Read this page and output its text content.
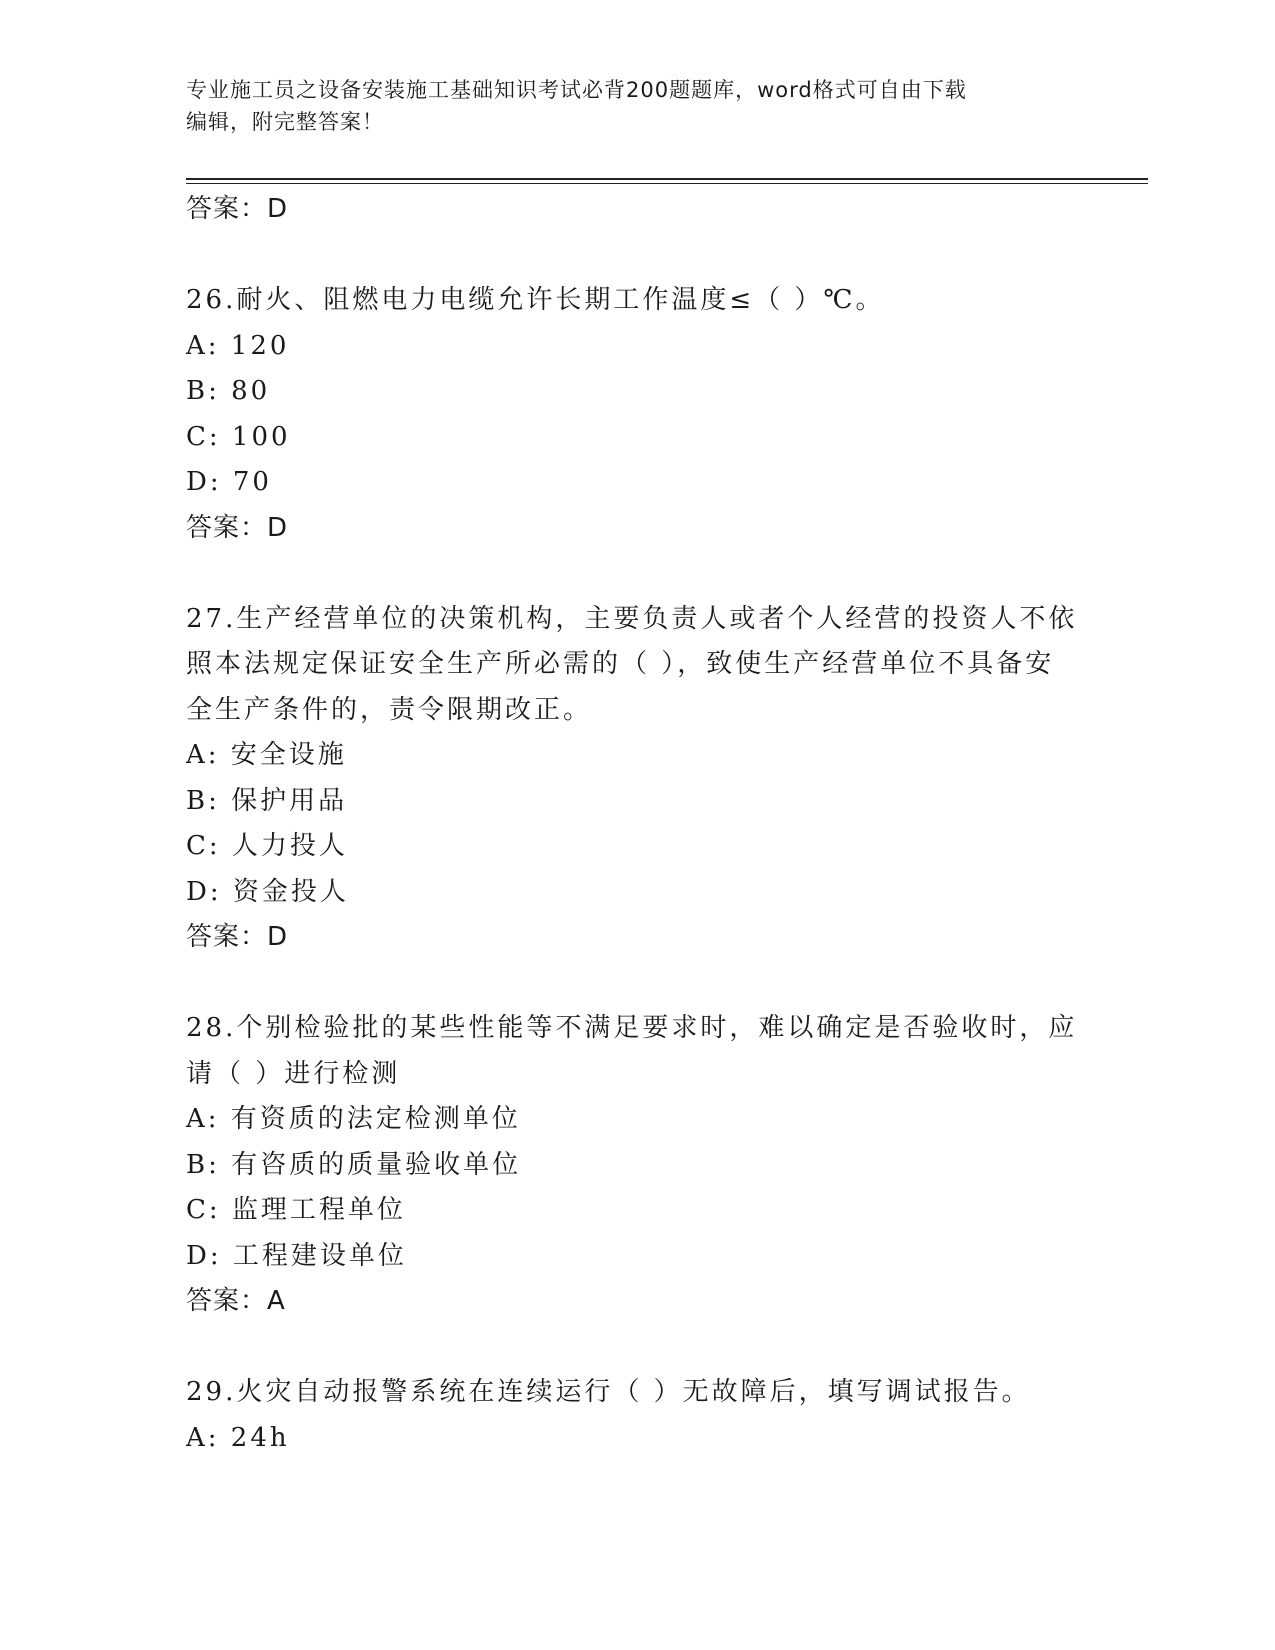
专业施工员之设备安装施工基础知识考试必背200题题库，word格式可自由下载
编辑，附完整答案！
答案：D
26.耐火、阻燃电力电缆允许长期工作温度≤（ ）℃。
A: 120
B: 80
C: 100
D: 70
答案：D
27.生产经营单位的决策机构，主要负责人或者个人经营的投资人不依
照本法规定保证安全生产所必需的（ ），致使生产经营单位不具备安
全生产条件的，责令限期改正。
A: 安全设施
B: 保护用品
C: 人力投人
D: 资金投人
答案：D
28.个别检验批的某些性能等不满足要求时，难以确定是否验收时，应
请（ ）进行检测
A: 有资质的法定检测单位
B: 有咨质的质量验收单位
C: 监理工程单位
D: 工程建设单位
答案：A
29.火灾自动报警系统在连续运行（ ）无故障后，填写调试报告。
A: 24h
